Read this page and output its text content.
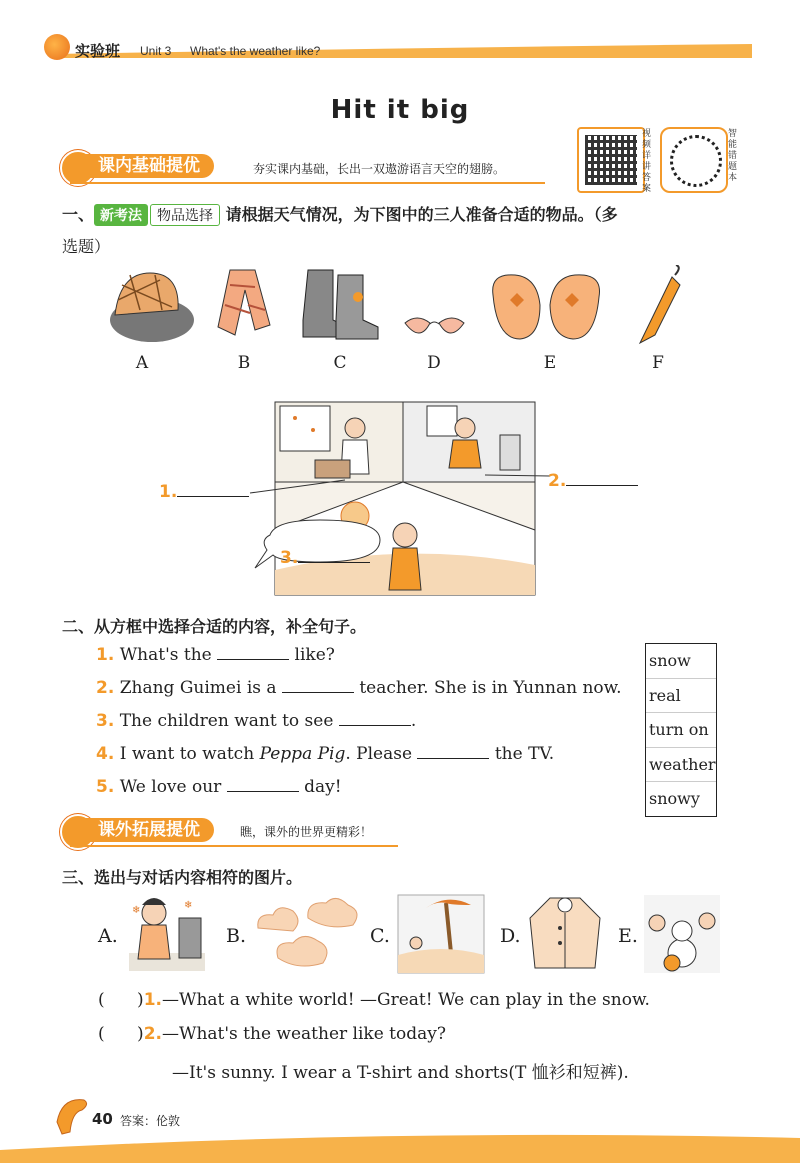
实验班 Unit 3 What's the weather like?
Hit it big
课内基础提优	夯实课内基础，长出一双遨游语言天空的翅膀。
视频详讲答案
智能错题本
一、 新考法 物品选择 请根据天气情况，为下图中的三人准备合适的物品。（多
选题）
A	B	C	D	E	F
1.
2.
3.
二、从方框中选择合适的内容，补全句子。
1. What's the	like?
2. Zhang Guimei is a	teacher. She is in Yunnan now.
3. The children want to see	.
4. I want to watch Peppa Pig. Please	the TV.
5. We love our	day!
snow
real
turn on
weather
snowy
课外拓展提优	瞧，课外的世界更精彩！
三、选出与对话内容相符的图片。
A.
❄	❄
B.	C.	D.	E.
(      )1.—What a white world! —Great! We can play in the snow.
(      )2.—What's the weather like today?
—It's sunny. I wear a T-shirt and shorts(T 恤衫和短裤).
40 答案：伦敦
